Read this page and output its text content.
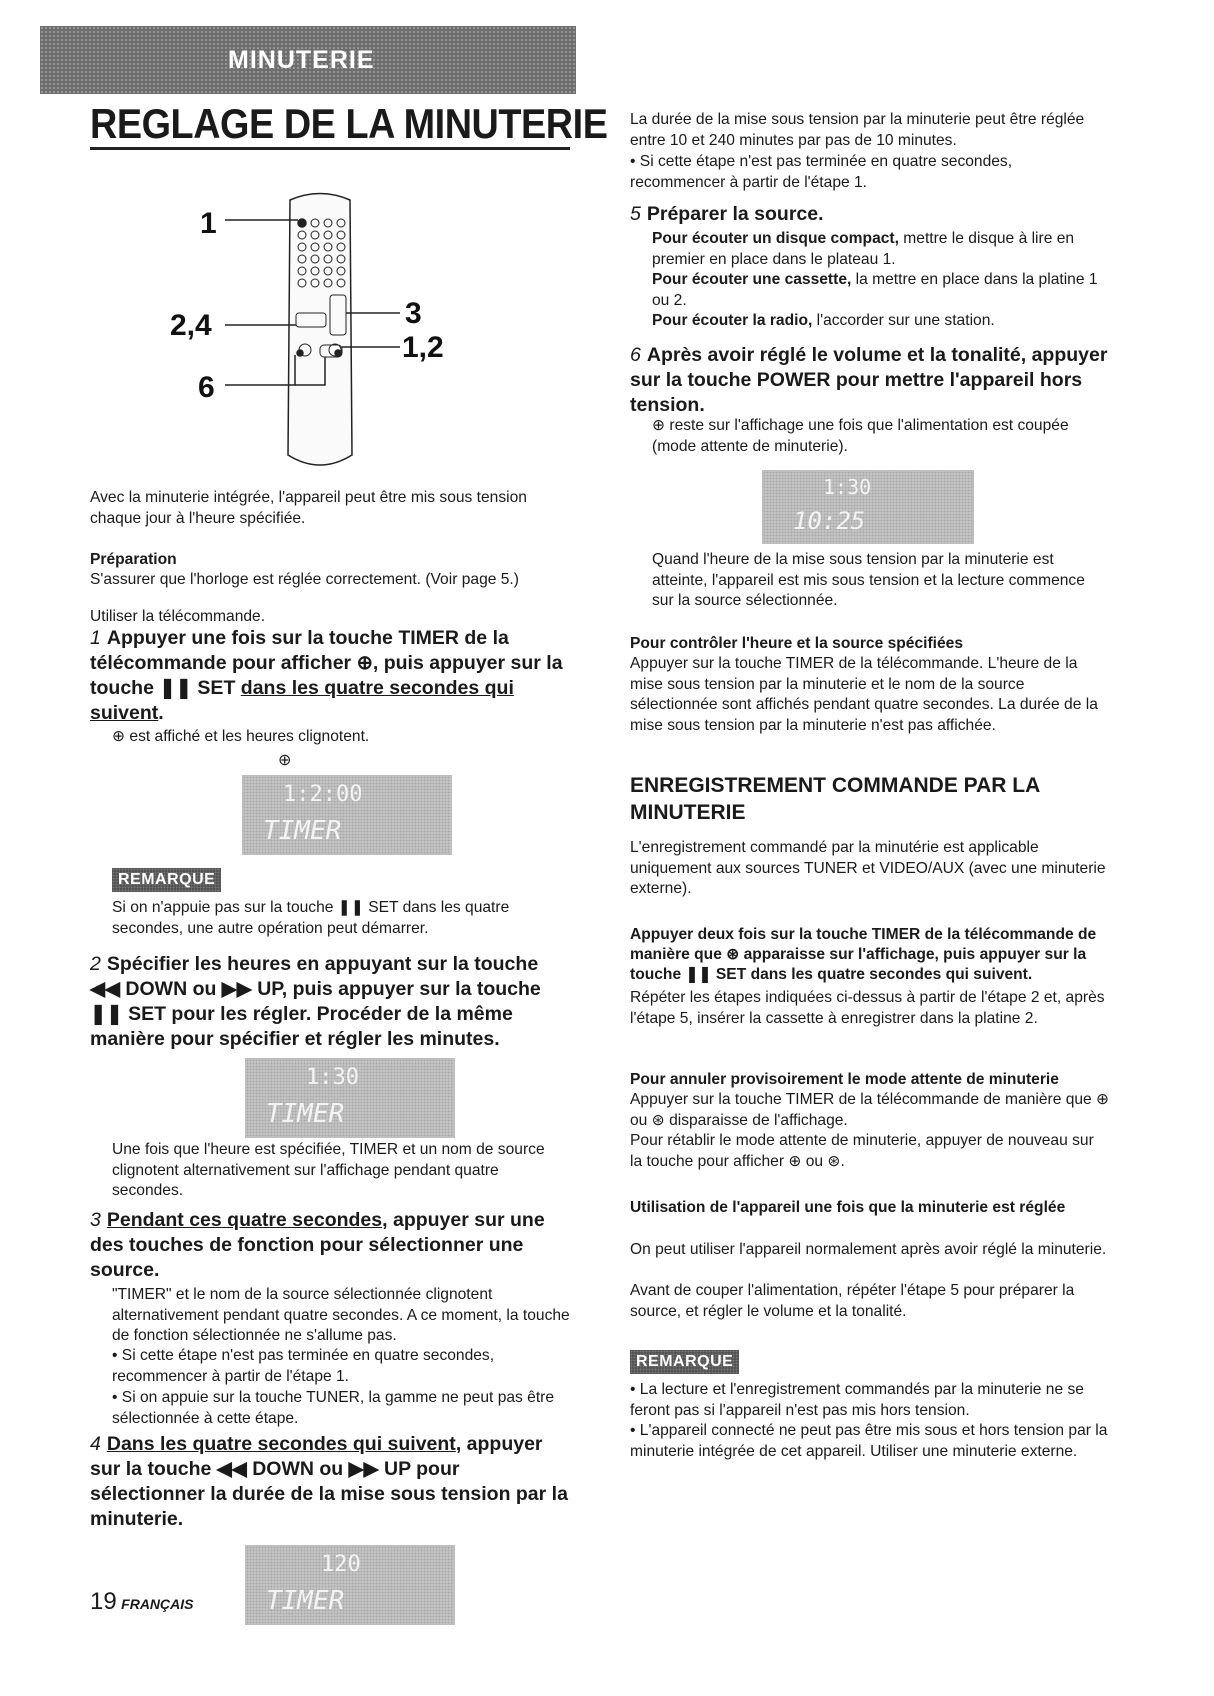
MINUTERIE
REGLAGE DE LA MINUTERIE
1
2,4
6
3
1,2

Avec la minuterie intégrée, l'appareil peut être mis sous tension chaque jour à l'heure spécifiée.

Préparation

S'assurer que l'horloge est réglée correctement. (Voir page 5.)

Utiliser la télécommande.

1 Appuyer une fois sur la touche TIMER de la télécommande pour afficher ⊕, puis appuyer sur la touche ❚❚ SET dans les quatre secondes qui suivent.

⊕ est affiché et les heures clignotent.

⊕
1:2:00
TIMER
REMARQUE

Si on n'appuie pas sur la touche ❚❚ SET dans les quatre secondes, une autre opération peut démarrer.

2 Spécifier les heures en appuyant sur la touche ◀◀ DOWN ou ▶▶ UP, puis appuyer sur la touche ❚❚ SET pour les régler. Procéder de la même manière pour spécifier et régler les minutes.
1:30
TIMER

Une fois que l'heure est spécifiée, TIMER et un nom de source clignotent alternativement sur l'affichage pendant quatre secondes.

3 Pendant ces quatre secondes, appuyer sur une des touches de fonction pour sélectionner une source.

"TIMER" et le nom de la source sélectionnée clignotent alternativement pendant quatre secondes. A ce moment, la touche de fonction sélectionnée ne s'allume pas.

• Si cette étape n'est pas terminée en quatre secondes, recommencer à partir de l'étape 1.

• Si on appuie sur la touche TUNER, la gamme ne peut pas être sélectionnée à cette étape.

4 Dans les quatre secondes qui suivent, appuyer sur la touche ◀◀ DOWN ou ▶▶ UP pour sélectionner la durée de la mise sous tension par la minuterie.
120
TIMER
19 FRANÇAIS

La durée de la mise sous tension par la minuterie peut être réglée entre 10 et 240 minutes par pas de 10 minutes.

• Si cette étape n'est pas terminée en quatre secondes, recommencer à partir de l'étape 1.

5 Préparer la source.

Pour écouter un disque compact, mettre le disque à lire en premier en place dans le plateau 1.

Pour écouter une cassette, la mettre en place dans la platine 1 ou 2.

Pour écouter la radio, l'accorder sur une station.

6 Après avoir réglé le volume et la tonalité, appuyer sur la touche POWER pour mettre l'appareil hors tension.

⊕ reste sur l'affichage une fois que l'alimentation est coupée (mode attente de minuterie).

1:30
10:25

Quand l'heure de la mise sous tension par la minuterie est atteinte, l'appareil est mis sous tension et la lecture commence sur la source sélectionnée.

Pour contrôler l'heure et la source spécifiées

Appuyer sur la touche TIMER de la télécommande. L'heure de la mise sous tension par la minuterie et le nom de la source sélectionnée sont affichés pendant quatre secondes. La durée de la mise sous tension par la minuterie n'est pas affichée.

ENREGISTREMENT COMMANDE PAR LA MINUTERIE

L'enregistrement commandé par la minutérie est applicable uniquement aux sources TUNER et VIDEO/AUX (avec une minuterie externe).

Appuyer deux fois sur la touche TIMER de la télécommande de manière que ⊛ apparaisse sur l'affichage, puis appuyer sur la touche ❚❚ SET dans les quatre secondes qui suivent.

Répéter les étapes indiquées ci-dessus à partir de l'étape 2 et, après l'étape 5, insérer la cassette à enregistrer dans la platine 2.

Pour annuler provisoirement le mode attente de minuterie

Appuyer sur la touche TIMER de la télécommande de manière que ⊕ ou ⊛ disparaisse de l'affichage.

Pour rétablir le mode attente de minuterie, appuyer de nouveau sur la touche pour afficher ⊕ ou ⊛.

Utilisation de l'appareil une fois que la minuterie est réglée

On peut utiliser l'appareil normalement après avoir réglé la minuterie.

Avant de couper l'alimentation, répéter l'étape 5 pour préparer la source, et régler le volume et la tonalité.

REMARQUE

• La lecture et l'enregistrement commandés par la minuterie ne se feront pas si l'appareil n'est pas mis hors tension.

• L'appareil connecté ne peut pas être mis sous et hors tension par la minuterie intégrée de cet appareil. Utiliser une minuterie externe.
